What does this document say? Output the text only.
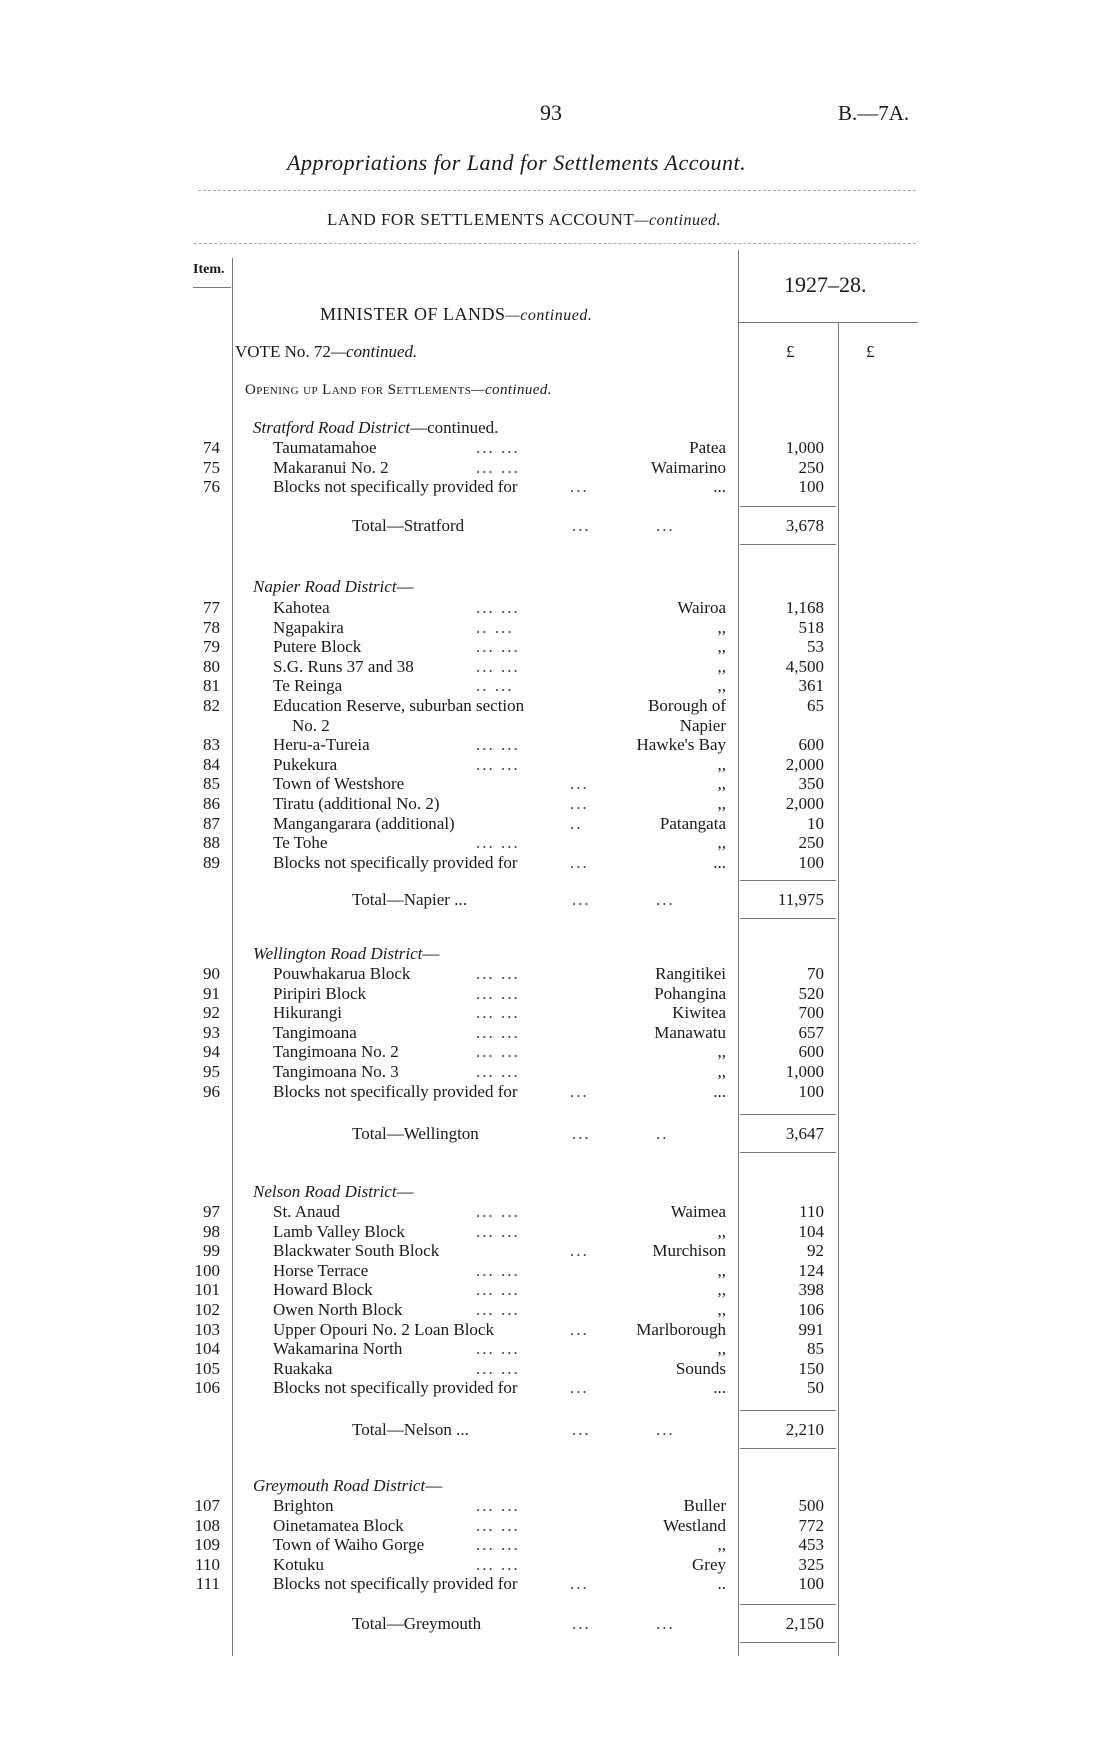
93	B.—7A.
Appropriations for Land for Settlements Account.
LAND FOR SETTLEMENTS ACCOUNT—continued.
Item.
1927–28.
MINISTER OF LANDS—continued.
VOTE No. 72—continued.	£	£
Opening up Land for Settlements—continued.
Stratford Road District—continued.
74	Taumatamahoe	... ...	Patea	1,000
75	Makaranui No. 2	... ...	Waimarino	250
76	Blocks not specifically provided for	...	...	100
Total—Stratford	...	...	3,678
Napier Road District—
77	Kahotea	... ...	Wairoa	1,168
78	Ngapakira	.. ...	,,	518
79	Putere Block	... ...	,,	53
80	S.G. Runs 37 and 38	... ...	,,	4,500
81	Te Reinga	.. ...	,,	361
82	Education Reserve, suburban section	Borough of	65
No. 2	Napier
83	Heru-a-Tureia	... ...	Hawke's Bay	600
84	Pukekura	... ...	,,	2,000
85	Town of Westshore	...	,,	350
86	Tiratu (additional No. 2)	...	,,	2,000
87	Mangangarara (additional)	..	Patangata	10
88	Te Tohe	... ...	,,	250
89	Blocks not specifically provided for	...	...	100
Total—Napier ...	...	...	11,975
Wellington Road District—
90	Pouwhakarua Block	... ...	Rangitikei	70
91	Piripiri Block	... ...	Pohangina	520
92	Hikurangi	... ...	Kiwitea	700
93	Tangimoana	... ...	Manawatu	657
94	Tangimoana No. 2	... ...	,,	600
95	Tangimoana No. 3	... ...	,,	1,000
96	Blocks not specifically provided for	...	...	100
Total—Wellington	...	..	3,647
Nelson Road District—
97	St. Anaud	... ...	Waimea	110
98	Lamb Valley Block	... ...	,,	104
99	Blackwater South Block	...	Murchison	92
100	Horse Terrace	... ...	,,	124
101	Howard Block	... ...	,,	398
102	Owen North Block	... ...	,,	106
103	Upper Opouri No. 2 Loan Block	...	Marlborough	991
104	Wakamarina North	... ...	,,	85
105	Ruakaka	... ...	Sounds	150
106	Blocks not specifically provided for	...	...	50
Total—Nelson ...	...	...	2,210
Greymouth Road District—
107	Brighton	... ...	Buller	500
108	Oinetamatea Block	... ...	Westland	772
109	Town of Waiho Gorge	... ...	,,	453
110	Kotuku	... ...	Grey	325
111	Blocks not specifically provided for	...	..	100
Total—Greymouth	...	...	2,150
